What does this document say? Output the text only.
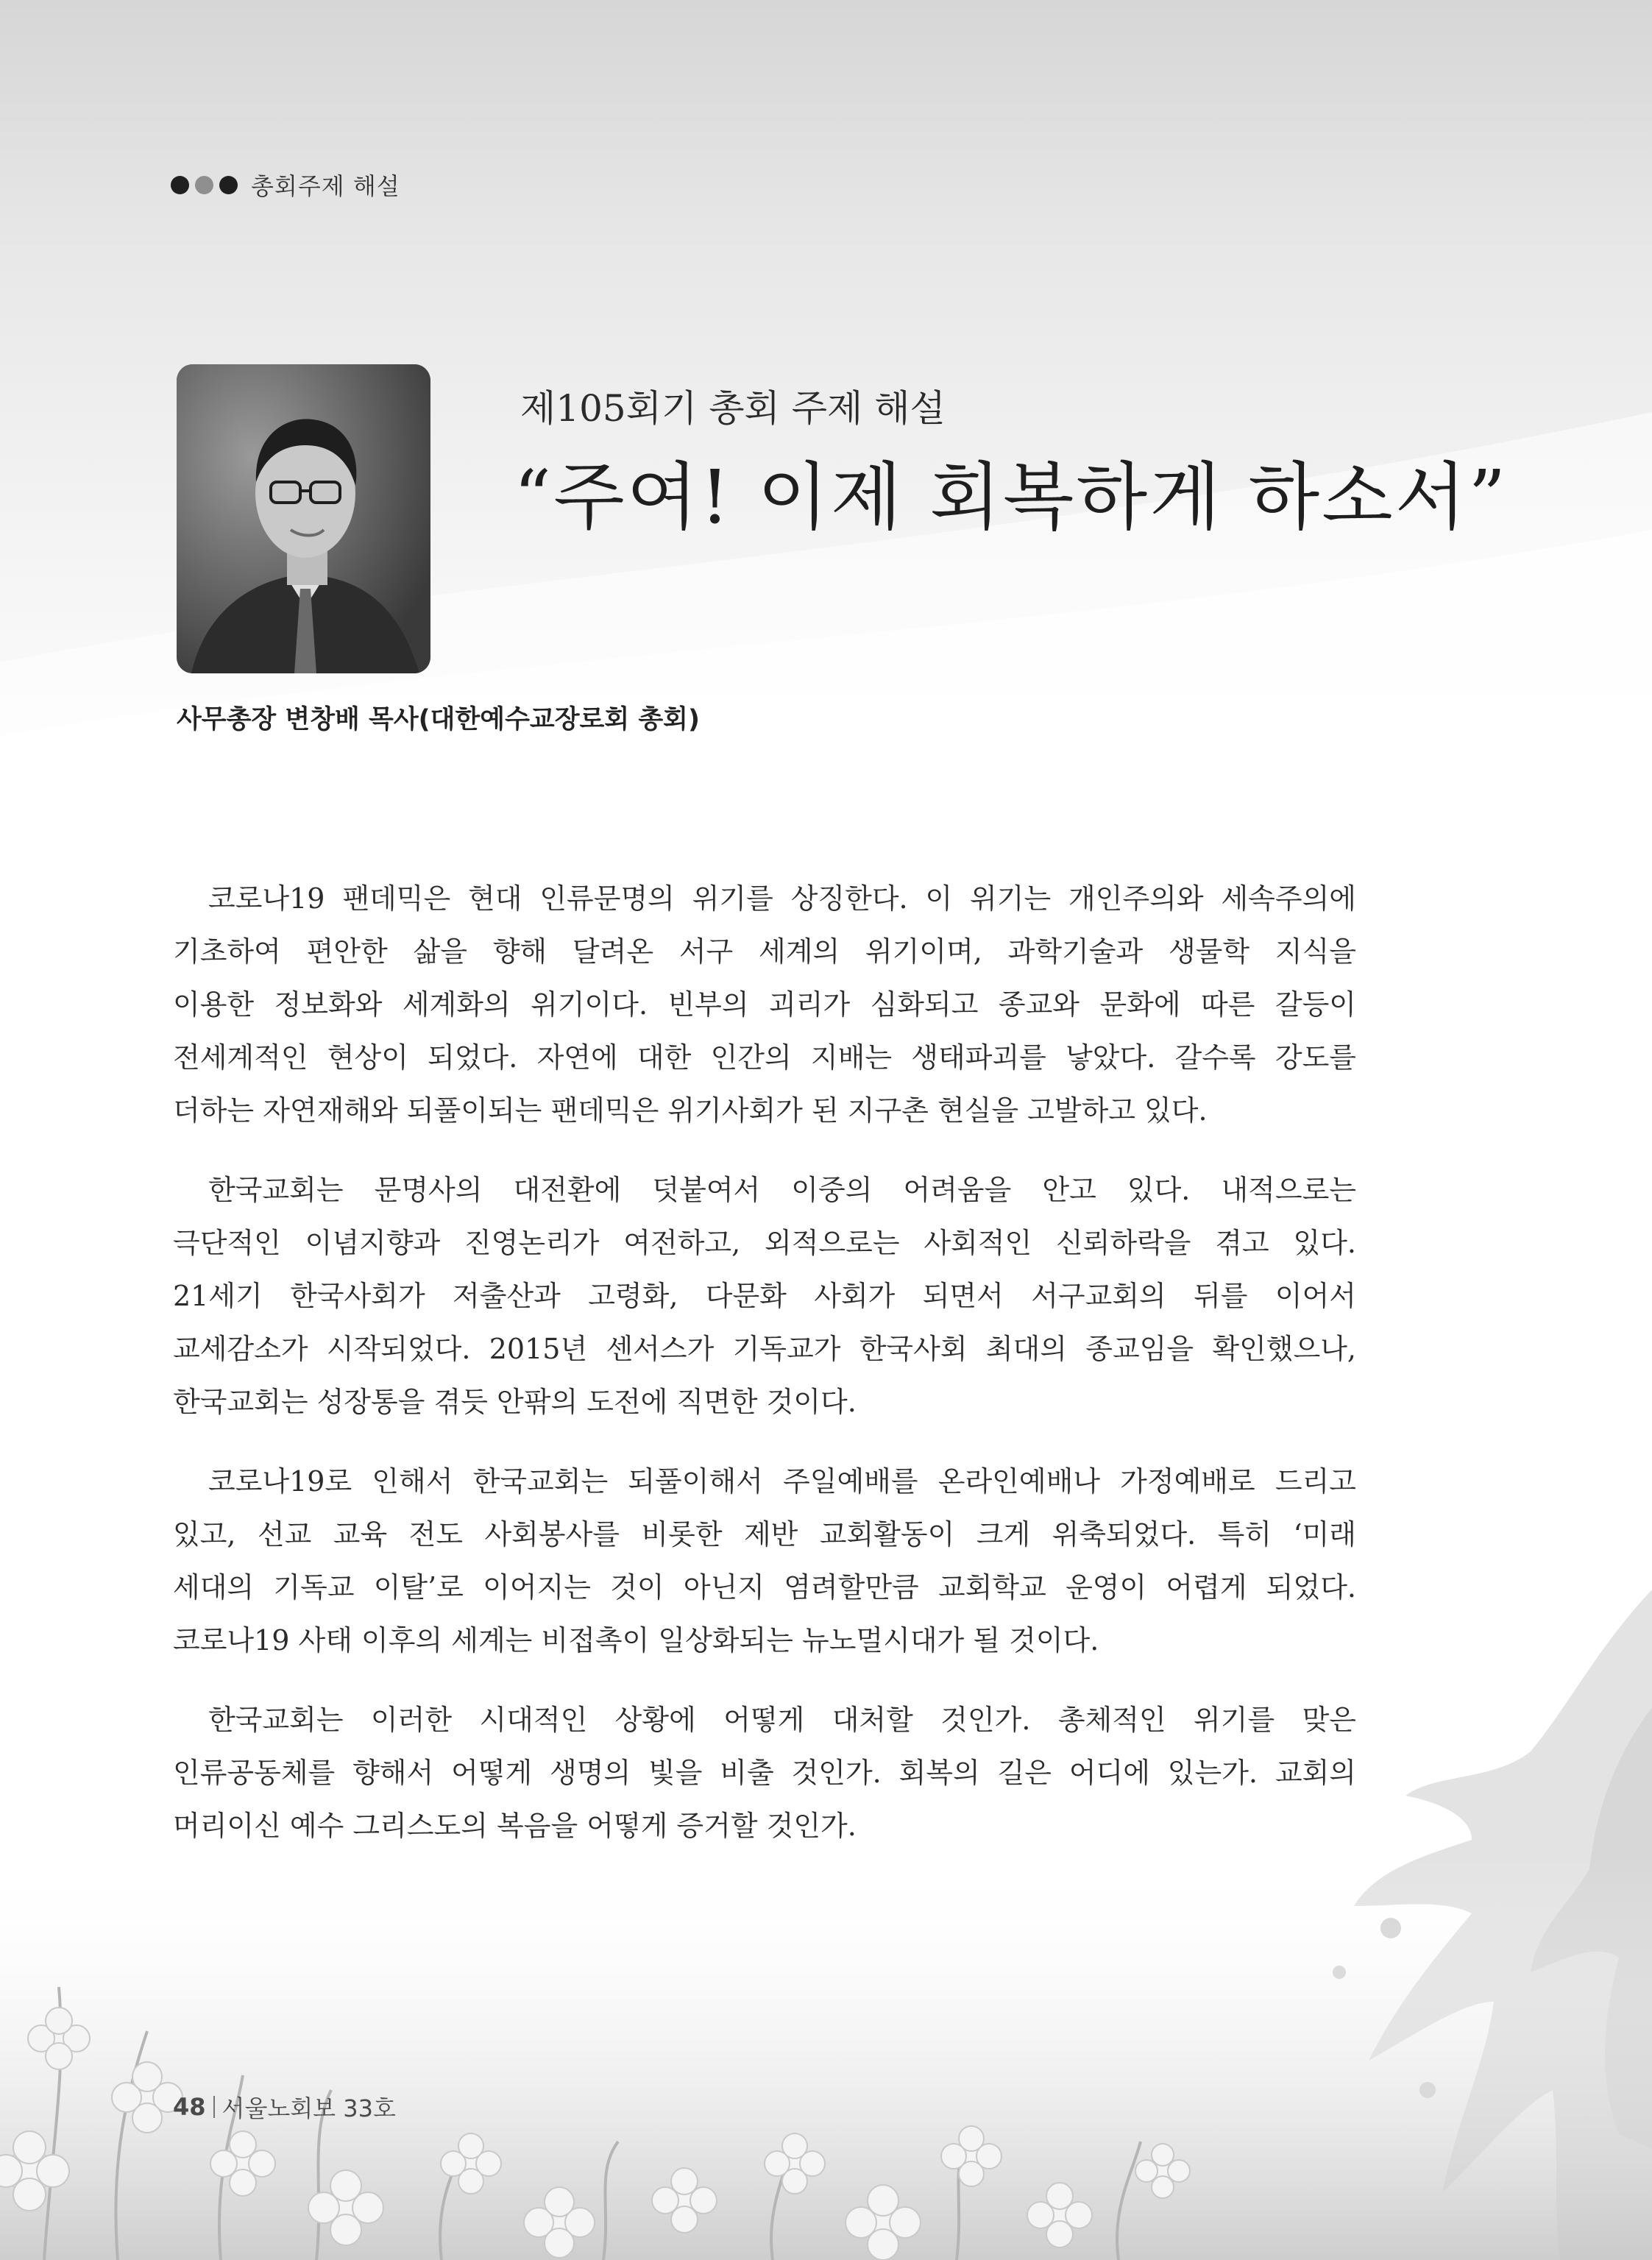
총회주제 해설
사무총장 변창배 목사(대한예수교장로회 총회)
제105회기 총회 주제 해설
“주여! 이제 회복하게 하소서”
코로나19 팬데믹은 현대 인류문명의 위기를 상징한다. 이 위기는 개인주의와 세속주의에
기초하여 편안한 삶을 향해 달려온 서구 세계의 위기이며, 과학기술과 생물학 지식을
이용한 정보화와 세계화의 위기이다. 빈부의 괴리가 심화되고 종교와 문화에 따른 갈등이
전세계적인 현상이 되었다. 자연에 대한 인간의 지배는 생태파괴를 낳았다. 갈수록 강도를
더하는 자연재해와 되풀이되는 팬데믹은 위기사회가 된 지구촌 현실을 고발하고 있다.
한국교회는 문명사의 대전환에 덧붙여서 이중의 어려움을 안고 있다. 내적으로는
극단적인 이념지향과 진영논리가 여전하고, 외적으로는 사회적인 신뢰하락을 겪고 있다.
21세기 한국사회가 저출산과 고령화, 다문화 사회가 되면서 서구교회의 뒤를 이어서
교세감소가 시작되었다. 2015년 센서스가 기독교가 한국사회 최대의 종교임을 확인했으나,
한국교회는 성장통을 겪듯 안팎의 도전에 직면한 것이다.
코로나19로 인해서 한국교회는 되풀이해서 주일예배를 온라인예배나 가정예배로 드리고
있고, 선교 교육 전도 사회봉사를 비롯한 제반 교회활동이 크게 위축되었다. 특히 ‘미래
세대의 기독교 이탈’로 이어지는 것이 아닌지 염려할만큼 교회학교 운영이 어렵게 되었다.
코로나19 사태 이후의 세계는 비접촉이 일상화되는 뉴노멀시대가 될 것이다.
한국교회는 이러한 시대적인 상황에 어떻게 대처할 것인가. 총체적인 위기를 맞은
인류공동체를 향해서 어떻게 생명의 빛을 비출 것인가. 회복의 길은 어디에 있는가. 교회의
머리이신 예수 그리스도의 복음을 어떻게 증거할 것인가.
48 서울노회보 33호
